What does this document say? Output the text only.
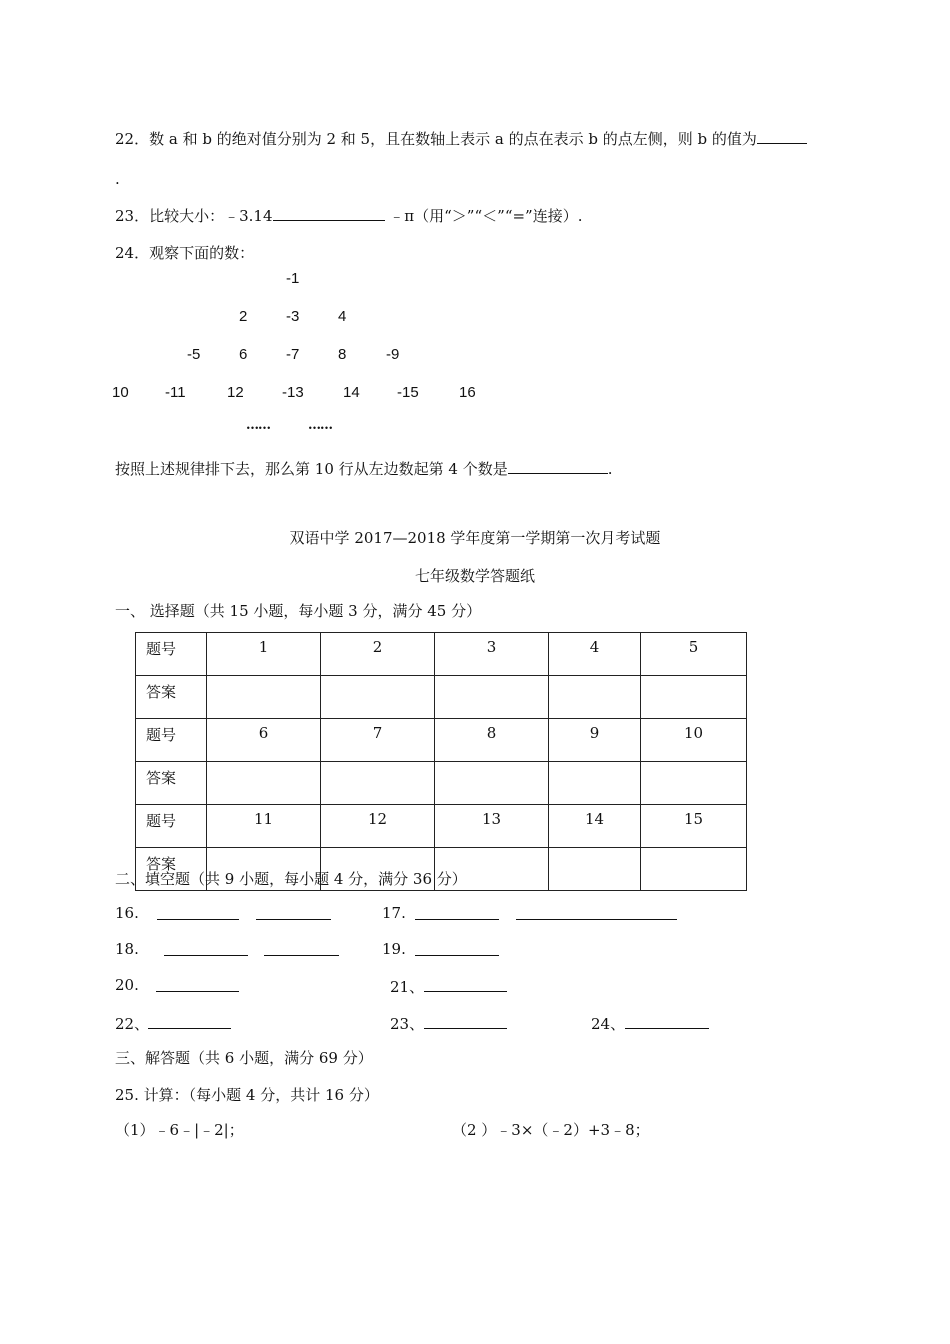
22．数 a 和 b 的绝对值分别为 2 和 5，且在数轴上表示 a 的点在表示 b 的点左侧，则 b 的值为
.
23．比较大小：﹣3.14	﹣π（用“＞”“＜”“=”连接）.
24．观察下面的数：
-1
2	-3	4
-5	6	-7	8	-9
10 -11	12	-13	14 -15	16
……	……
按照上述规律排下去，那么第 10 行从左边数起第 4 个数是	.
双语中学 2017—2018 学年度第一学期第一次月考试题
七年级数学答题纸
一、 选择题（共 15 小题，每小题 3 分，满分 45 分）
题号	1	2	3	4	5
答案					
题号	6	7	8	9	10
答案					
题号	11	12	13	14	15
答案					
二、填空题（共 9 小题，每小题 4 分，满分 36 分）
16.	17.
18.	19.
20.	21、
22、	23、	24、
三、解答题（共 6 小题，满分 69 分）
25. 计算：（每小题 4 分，共计 16 分）
（1）﹣6﹣|﹣2|；	（2 ）﹣3×（﹣2）+3﹣8；
